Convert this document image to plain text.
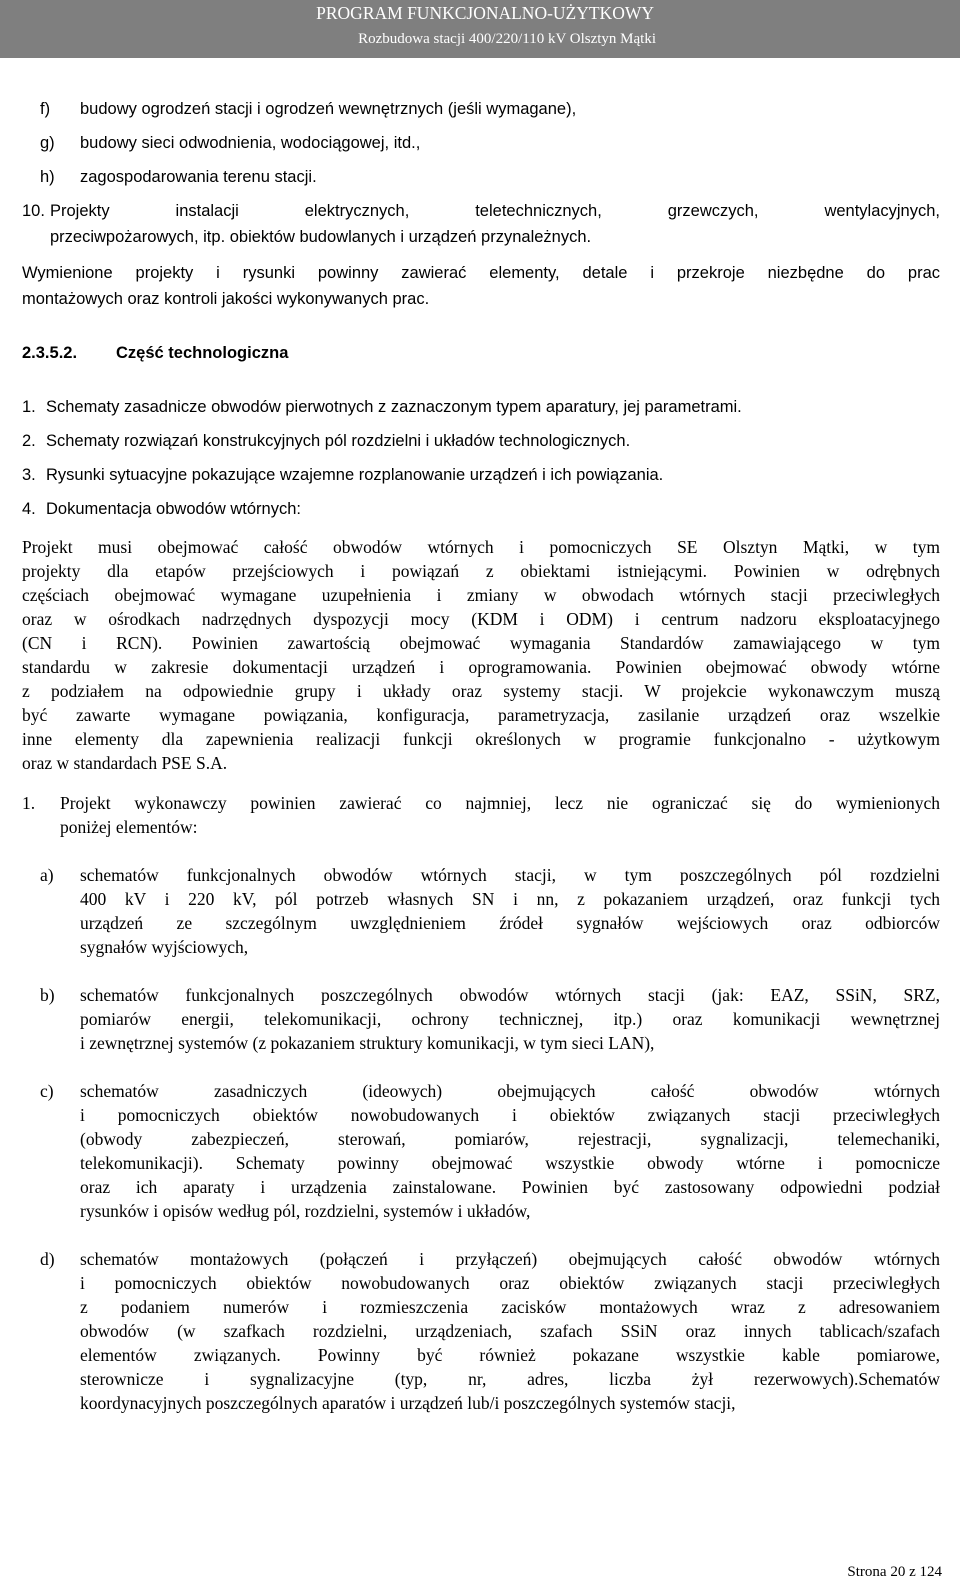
PROGRAM FUNKCJONALNO-UŻYTKOWY
Rozbudowa stacji 400/220/110 kV Olsztyn Mątki
f) budowy ogrodzeń stacji i ogrodzeń wewnętrznych (jeśli wymagane),
g) budowy sieci odwodnienia, wodociągowej, itd.,
h) zagospodarowania terenu stacji.
10. Projekty instalacji elektrycznych, teletechnicznych, grzewczych, wentylacyjnych,
przeciwpożarowych, itp. obiektów budowlanych i urządzeń przynależnych.
Wymienione projekty i rysunki powinny zawierać elementy, detale i przekroje niezbędne do prac
montażowych oraz kontroli jakości wykonywanych prac.
2.3.5.2. Część technologiczna
1. Schematy zasadnicze obwodów pierwotnych z zaznaczonym typem aparatury, jej parametrami.
2. Schematy rozwiązań konstrukcyjnych pól rozdzielni i układów technologicznych.
3. Rysunki sytuacyjne pokazujące wzajemne rozplanowanie urządzeń i ich powiązania.
4. Dokumentacja obwodów wtórnych:
Projekt musi obejmować całość obwodów wtórnych i pomocniczych SE Olsztyn Mątki, w tym
projekty dla etapów przejściowych i powiązań z obiektami istniejącymi. Powinien w odrębnych
częściach obejmować wymagane uzupełnienia i zmiany w obwodach wtórnych stacji przeciwległych
oraz w ośrodkach nadrzędnych dyspozycji mocy (KDM i ODM) i centrum nadzoru eksploatacyjnego
(CN i RCN). Powinien zawartością obejmować wymagania Standardów zamawiającego w tym
standardu w zakresie dokumentacji urządzeń i oprogramowania. Powinien obejmować obwody wtórne
z podziałem na odpowiednie grupy i układy oraz systemy stacji. W projekcie wykonawczym muszą
być zawarte wymagane powiązania, konfiguracja, parametryzacja, zasilanie urządzeń oraz wszelkie
inne elementy dla zapewnienia realizacji funkcji określonych w programie funkcjonalno - użytkowym
oraz w standardach PSE S.A.
1. Projekt wykonawczy powinien zawierać co najmniej, lecz nie ograniczać się do wymienionych
poniżej elementów:
a) schematów funkcjonalnych obwodów wtórnych stacji, w tym poszczególnych pól rozdzielni
400 kV i 220 kV, pól potrzeb własnych SN i nn, z pokazaniem urządzeń, oraz funkcji tych
urządzeń ze szczególnym uwzględnieniem źródeł sygnałów wejściowych oraz odbiorców
sygnałów wyjściowych,
b) schematów funkcjonalnych poszczególnych obwodów wtórnych stacji (jak: EAZ, SSiN, SRZ,
pomiarów energii, telekomunikacji, ochrony technicznej, itp.) oraz komunikacji wewnętrznej
i zewnętrznej systemów (z pokazaniem struktury komunikacji, w tym sieci LAN),
c) schematów zasadniczych (ideowych) obejmujących całość obwodów wtórnych
i pomocniczych obiektów nowobudowanych i obiektów związanych stacji przeciwległych
(obwody zabezpieczeń, sterowań, pomiarów, rejestracji, sygnalizacji, telemechaniki,
telekomunikacji). Schematy powinny obejmować wszystkie obwody wtórne i pomocnicze
oraz ich aparaty i urządzenia zainstalowane. Powinien być zastosowany odpowiedni podział
rysunków i opisów według pól, rozdzielni, systemów i układów,
d) schematów montażowych (połączeń i przyłączeń) obejmujących całość obwodów wtórnych
i pomocniczych obiektów nowobudowanych oraz obiektów związanych stacji przeciwległych
z podaniem numerów i rozmieszczenia zacisków montażowych wraz z adresowaniem
obwodów (w szafkach rozdzielni, urządzeniach, szafach SSiN oraz innych tablicach/szafach
elementów związanych. Powinny być również pokazane wszystkie kable pomiarowe,
sterownicze i sygnalizacyjne (typ, nr, adres, liczba żył rezerwowych).Schematów
koordynacyjnych poszczególnych aparatów i urządzeń lub/i poszczególnych systemów stacji,
Strona 20 z 124
